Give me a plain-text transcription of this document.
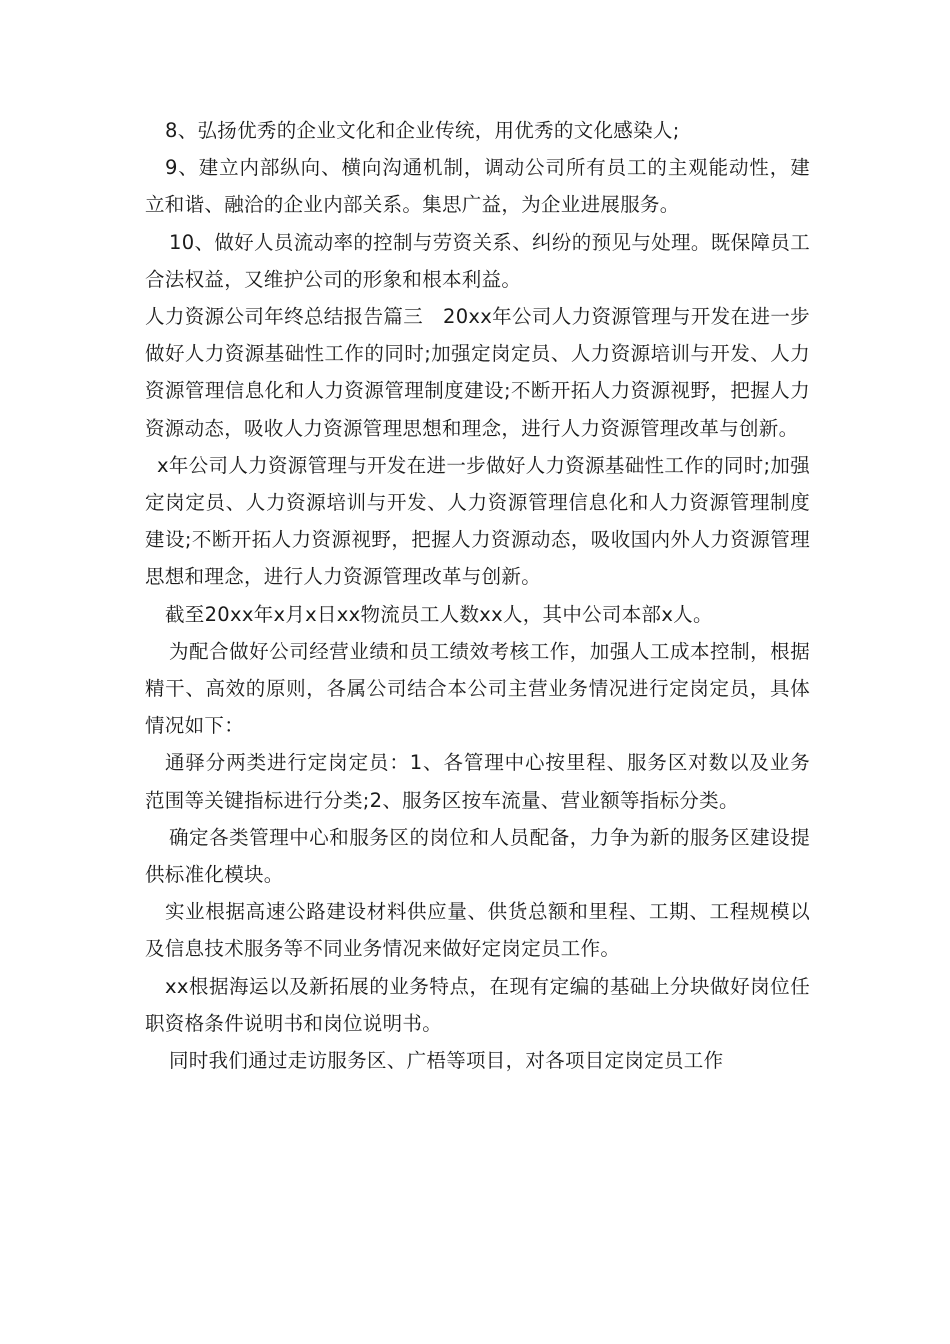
8、弘扬优秀的企业文化和企业传统，用优秀的文化感染人;

9、建立内部纵向、横向沟通机制，调动公司所有员工的主观能动性，建立和谐、融洽的企业内部关系。集思广益，为企业进展服务。

10、做好人员流动率的控制与劳资关系、纠纷的预见与处理。既保障员工合法权益，又维护公司的形象和根本利益。

人力资源公司年终总结报告篇三　20xx年公司人力资源管理与开发在进一步做好人力资源基础性工作的同时;加强定岗定员、人力资源培训与开发、人力资源管理信息化和人力资源管理制度建设;不断开拓人力资源视野，把握人力资源动态，吸收人力资源管理思想和理念，进行人力资源管理改革与创新。

x年公司人力资源管理与开发在进一步做好人力资源基础性工作的同时;加强定岗定员、人力资源培训与开发、人力资源管理信息化和人力资源管理制度建设;不断开拓人力资源视野，把握人力资源动态，吸收国内外人力资源管理思想和理念，进行人力资源管理改革与创新。

截至20xx年x月x日xx物流员工人数xx人，其中公司本部x人。

为配合做好公司经营业绩和员工绩效考核工作，加强人工成本控制，根据精干、高效的原则，各属公司结合本公司主营业务情况进行定岗定员，具体情况如下：

通驿分两类进行定岗定员：1、各管理中心按里程、服务区对数以及业务范围等关键指标进行分类;2、服务区按车流量、营业额等指标分类。

确定各类管理中心和服务区的岗位和人员配备，力争为新的服务区建设提供标准化模块。

实业根据高速公路建设材料供应量、供货总额和里程、工期、工程规模以及信息技术服务等不同业务情况来做好定岗定员工作。

xx根据海运以及新拓展的业务特点，在现有定编的基础上分块做好岗位任职资格条件说明书和岗位说明书。

同时我们通过走访服务区、广梧等项目，对各项目定岗定员工作
